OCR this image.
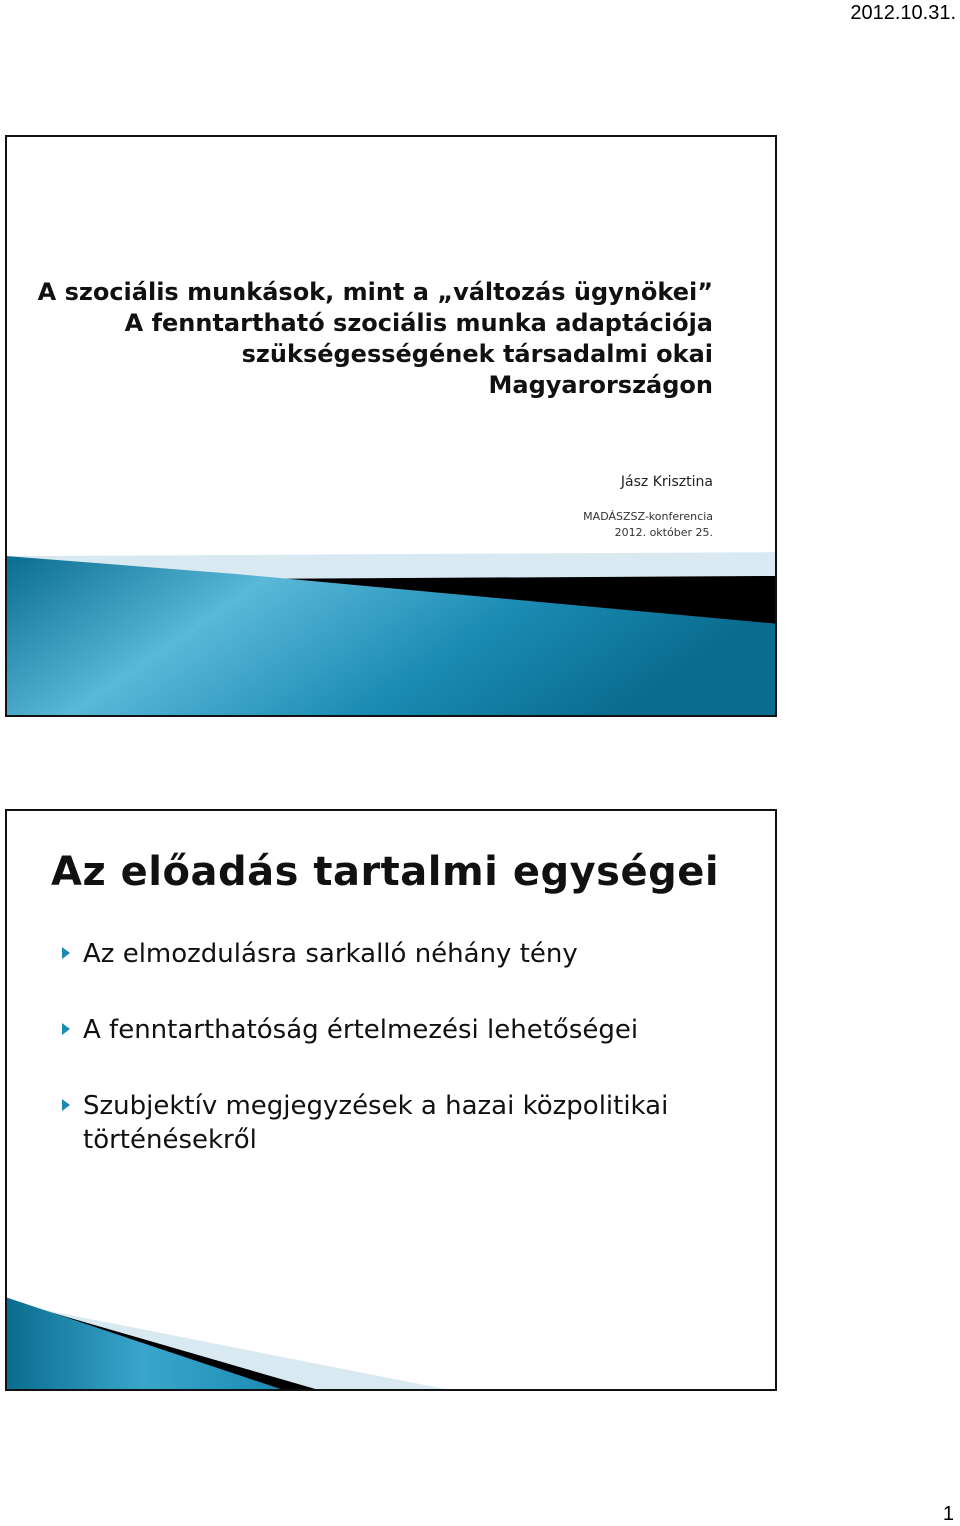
2012.10.31.
A szociális munkások, mint a „változás ügynökei”
A fenntartható szociális munka adaptációja
szükségességének társadalmi okai
Magyarországon
Jász Krisztina
MADÁSZSZ-konferencia
2012. október 25.
Az előadás tartalmi egységei
Az elmozdulásra sarkalló néhány tény
A fenntarthatóság értelmezési lehetőségei
Szubjektív megjegyzések a hazai közpolitikai történésekről
1
